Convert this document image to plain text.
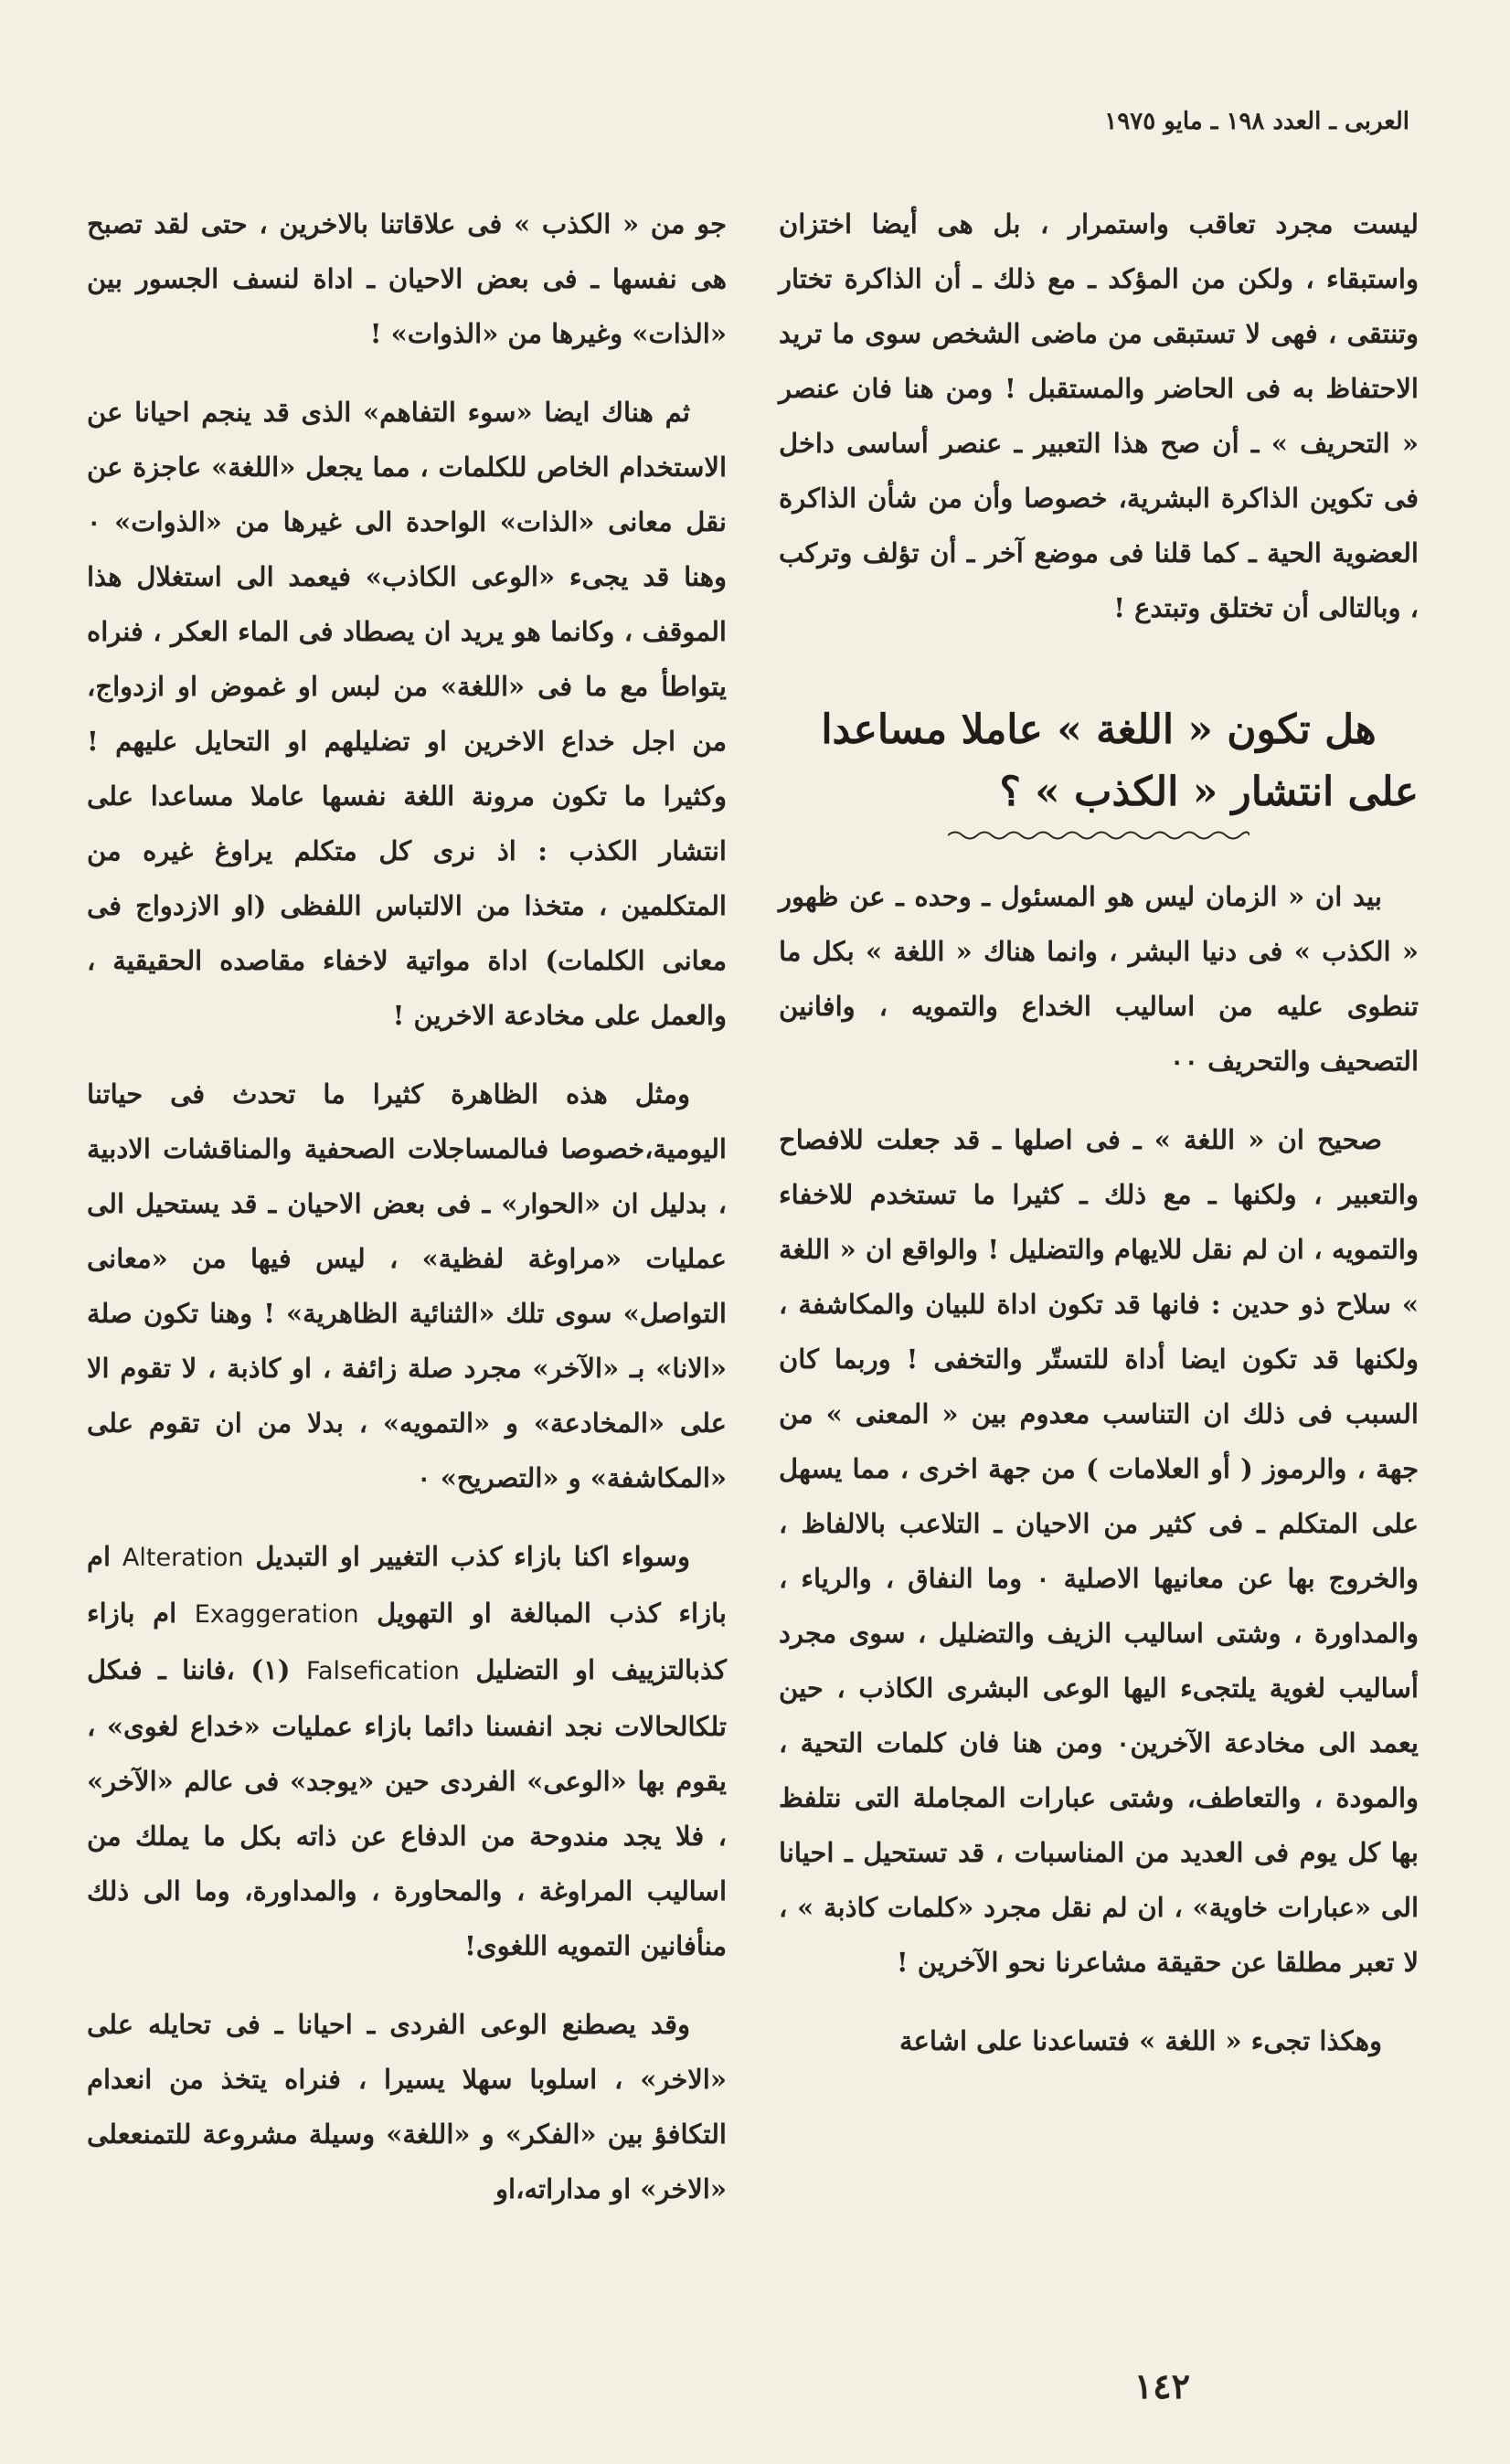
العربى ـ العدد ١٩٨ ـ مايو ١٩٧٥

ليست مجرد تعاقب واستمرار ، بل هى أيضا اختزان واستبقاء ، ولكن من المؤكد ـ مع ذلك ـ أن الذاكرة تختار وتنتقى ، فهى لا تستبقى من ماضى الشخص سوى ما تريد الاحتفاظ به فى الحاضر والمستقبل ! ومن هنا فان عنصر « التحريف » ـ أن صح هذا التعبير ـ عنصر أساسى داخل فى تكوين الذاكرة البشرية، خصوصا وأن من شأن الذاكرة العضوية الحية ـ كما قلنا فى موضع آخر ـ أن تؤلف وتركب ، وبالتالى أن تختلق وتبتدع !

هل تكون « اللغة » عاملا مساعدا على انتشار « الكذب » ؟

بيد ان « الزمان ليس هو المسئول ـ وحده ـ عن ظهور « الكذب » فى دنيا البشر ، وانما هناك « اللغة » بكل ما تنطوى عليه من اساليب الخداع والتمويه ، وافانين التصحيف والتحريف ٠٠

صحيح ان « اللغة » ـ فى اصلها ـ قد جعلت للافصاح والتعبير ، ولكنها ـ مع ذلك ـ كثيرا ما تستخدم للاخفاء والتمويه ، ان لم نقل للايهام والتضليل ! والواقع ان « اللغة » سلاح ذو حدين : فانها قد تكون اداة للبيان والمكاشفة ، ولكنها قد تكون ايضا أداة للتستّر والتخفى ! وربما كان السبب فى ذلك ان التناسب معدوم بين « المعنى » من جهة ، والرموز ( أو العلامات ) من جهة اخرى ، مما يسهل على المتكلم ـ فى كثير من الاحيان ـ التلاعب بالالفاظ ، والخروج بها عن معانيها الاصلية ٠ وما النفاق ، والرياء ، والمداورة ، وشتى اساليب الزيف والتضليل ، سوى مجرد أساليب لغوية يلتجىء اليها الوعى البشرى الكاذب ، حين يعمد الى مخادعة الآخرين٠ ومن هنا فان كلمات التحية ، والمودة ، والتعاطف، وشتى عبارات المجاملة التى نتلفظ بها كل يوم فى العديد من المناسبات ، قد تستحيل ـ احيانا الى «عبارات خاوية» ، ان لم نقل مجرد «كلمات كاذبة » ، لا تعبر مطلقا عن حقيقة مشاعرنا نحو الآخرين !

وهكذا تجىء « اللغة » فتساعدنا على اشاعة

جو من « الكذب » فى علاقاتنا بالاخرين ، حتى لقد تصبح هى نفسها ـ فى بعض الاحيان ـ اداة لنسف الجسور بين «الذات» وغيرها من «الذوات» !

ثم هناك ايضا «سوء التفاهم» الذى قد ينجم احيانا عن الاستخدام الخاص للكلمات ، مما يجعل «اللغة» عاجزة عن نقل معانى «الذات» الواحدة الى غيرها من «الذوات» ٠ وهنا قد يجىء «الوعى الكاذب» فيعمد الى استغلال هذا الموقف ، وكانما هو يريد ان يصطاد فى الماء العكر ، فنراه يتواطأ مع ما فى «اللغة» من لبس او غموض او ازدواج، من اجل خداع الاخرين او تضليلهم او التحايل عليهم ! وكثيرا ما تكون مرونة اللغة نفسها عاملا مساعدا على انتشار الكذب : اذ نرى كل متكلم يراوغ غيره من المتكلمين ، متخذا من الالتباس اللفظى (او الازدواج فى معانى الكلمات) اداة مواتية لاخفاء مقاصده الحقيقية ، والعمل على مخادعة الاخرين !

ومثل هذه الظاهرة كثيرا ما تحدث فى حياتنا اليومية،خصوصا فىالمساجلات الصحفية والمناقشات الادبية ، بدليل ان «الحوار» ـ فى بعض الاحيان ـ قد يستحيل الى عمليات «مراوغة لفظية» ، ليس فيها من «معانى التواصل» سوى تلك «الثنائية الظاهرية» ! وهنا تكون صلة «الانا» بـ «الآخر» مجرد صلة زائفة ، او كاذبة ، لا تقوم الا على «المخادعة» و «التمويه» ، بدلا من ان تقوم على «المكاشفة» و «التصريح» ٠

وسواء اكنا بازاء كذب التغيير او التبديل Alteration ام بازاء كذب المبالغة او التهويل Exaggeration ام بازاء كذبالتزييف او التضليل Falsefication (١) ،فاننا ـ فىكل تلكالحالات نجد انفسنا دائما بازاء عمليات «خداع لغوى» ، يقوم بها «الوعى» الفردى حين «يوجد» فى عالم «الآخر» ، فلا يجد مندوحة من الدفاع عن ذاته بكل ما يملك من اساليب المراوغة ، والمحاورة ، والمداورة، وما الى ذلك منأفانين التمويه اللغوى!

وقد يصطنع الوعى الفردى ـ احيانا ـ فى تحايله على «الاخر» ، اسلوبا سهلا يسيرا ، فنراه يتخذ من انعدام التكافؤ بين «الفكر» و «اللغة» وسيلة مشروعة للتمنععلى «الاخر» او مداراته،او

١٤٢
